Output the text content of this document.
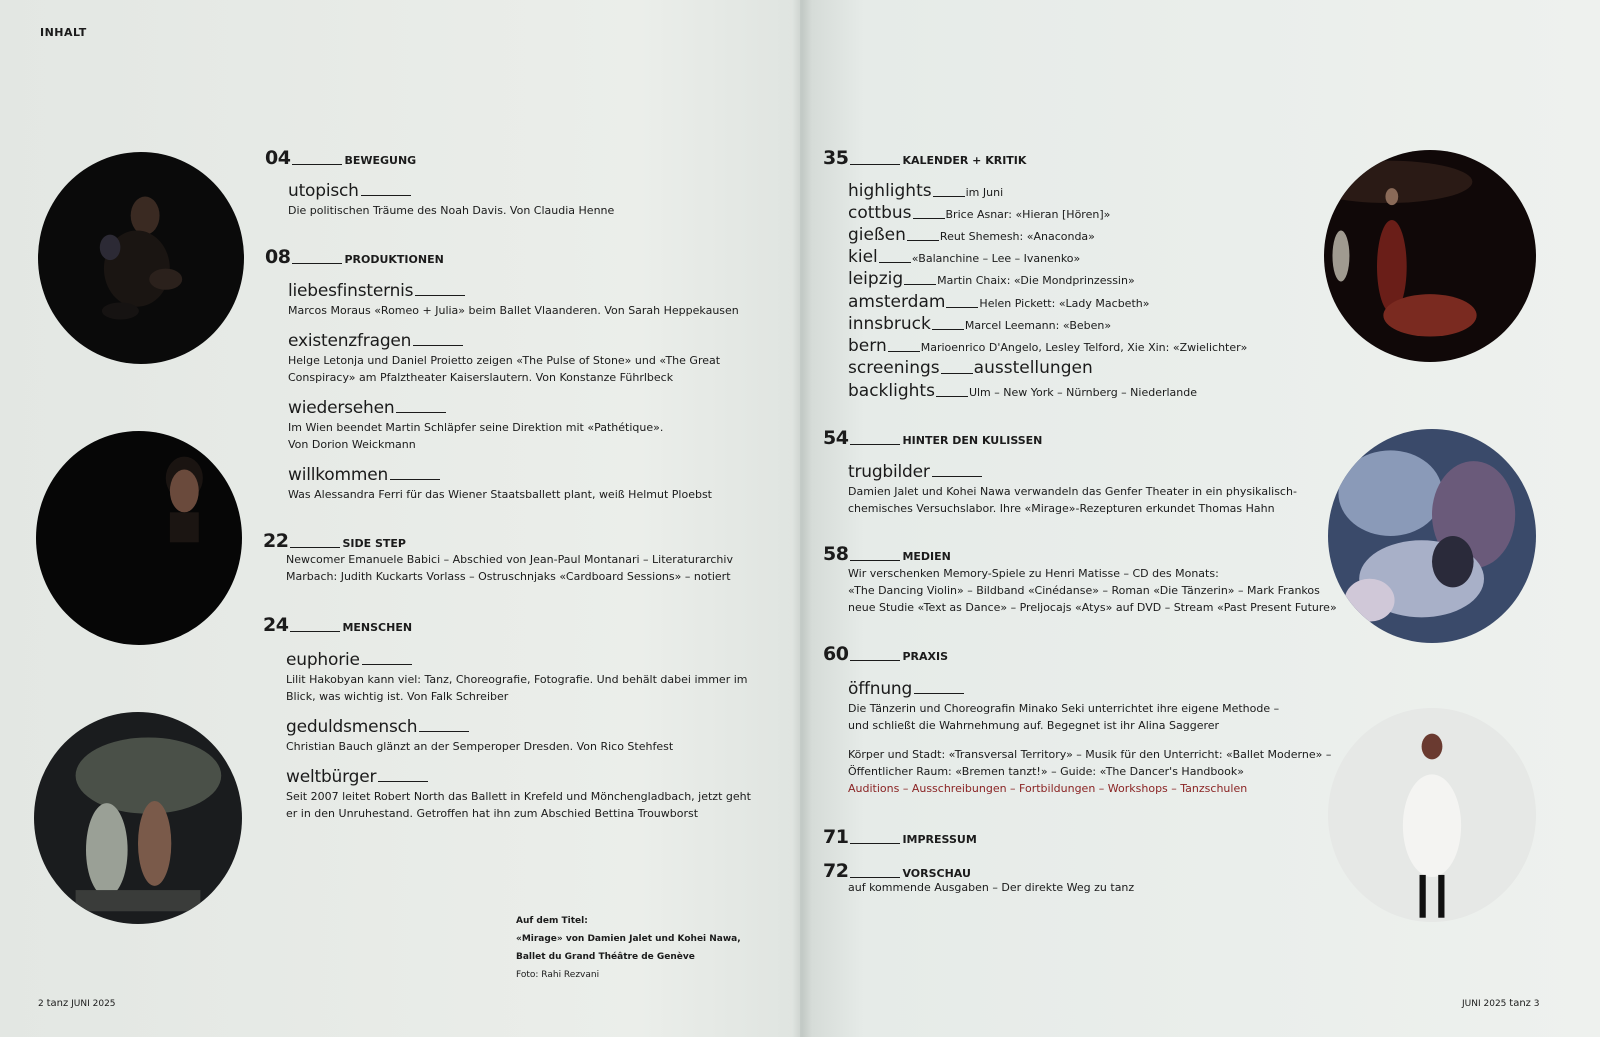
INHALT
04	BEWEGUNG
utopisch
Die politischen Träume des Noah Davis. Von Claudia Henne
08	PRODUKTIONEN
liebesfinsternis
Marcos Moraus «Romeo + Julia» beim Ballet Vlaanderen. Von Sarah Heppekausen
existenzfragen
Helge Letonja und Daniel Proietto zeigen «The Pulse of Stone» und «The Great
Conspiracy» am Pfalztheater Kaiserslautern. Von Konstanze Führlbeck
wiedersehen
Im Wien beendet Martin Schläpfer seine Direktion mit «Pathétique».
Von Dorion Weickmann
willkommen
Was Alessandra Ferri für das Wiener Staatsballett plant, weiß Helmut Ploebst
22	SIDE STEP
Newcomer Emanuele Babici – Abschied von Jean-Paul Montanari – Literaturarchiv
Marbach: Judith Kuckarts Vorlass – Ostruschnjaks «Cardboard Sessions» – notiert
24	MENSCHEN
euphorie
Lilit Hakobyan kann viel: Tanz, Choreografie, Fotografie. Und behält dabei immer im
Blick, was wichtig ist. Von Falk Schreiber
geduldsmensch
Christian Bauch glänzt an der Semperoper Dresden. Von Rico Stehfest
weltbürger
Seit 2007 leitet Robert North das Ballett in Krefeld und Mönchengladbach, jetzt geht
er in den Unruhestand. Getroffen hat ihn zum Abschied Bettina Trouwborst
Auf dem Titel:
«Mirage» von Damien Jalet und Kohei Nawa,
Ballet du Grand Théâtre de Genève
Foto: Rahi Rezvani
2 tanz JUNI 2025
35	KALENDER + KRITIK
highlights	im Juni
cottbus	Brice Asnar: «Hieran [Hören]»
gießen	Reut Shemesh: «Anaconda»
kiel	«Balanchine – Lee – Ivanenko»
leipzig	Martin Chaix: «Die Mondprinzessin»
amsterdam	Helen Pickett: «Lady Macbeth»
innsbruck	Marcel Leemann: «Beben»
bern	Marioenrico D'Angelo, Lesley Telford, Xie Xin: «Zwielichter»
screenings ausstellungen
backlights	Ulm – New York – Nürnberg – Niederlande
54	HINTER DEN KULISSEN
trugbilder
Damien Jalet und Kohei Nawa verwandeln das Genfer Theater in ein physikalisch-
chemisches Versuchslabor. Ihre «Mirage»-Rezepturen erkundet Thomas Hahn
58	MEDIEN
Wir verschenken Memory-Spiele zu Henri Matisse – CD des Monats:
«The Dancing Violin» – Bildband «Cinédanse» – Roman «Die Tänzerin» – Mark Frankos
neue Studie «Text as Dance» – Preljocajs «Atys» auf DVD – Stream «Past Present Future»
60	PRAXIS
öffnung
Die Tänzerin und Choreografin Minako Seki unterrichtet ihre eigene Methode –
und schließt die Wahrnehmung auf. Begegnet ist ihr Alina Saggerer
Körper und Stadt: «Transversal Territory» – Musik für den Unterricht: «Ballet Moderne» –
Öffentlicher Raum: «Bremen tanzt!» – Guide: «The Dancer's Handbook»
Auditions – Ausschreibungen – Fortbildungen – Workshops – Tanzschulen
71	IMPRESSUM
72	VORSCHAU
auf kommende Ausgaben – Der direkte Weg zu tanz
JUNI 2025 tanz 3
